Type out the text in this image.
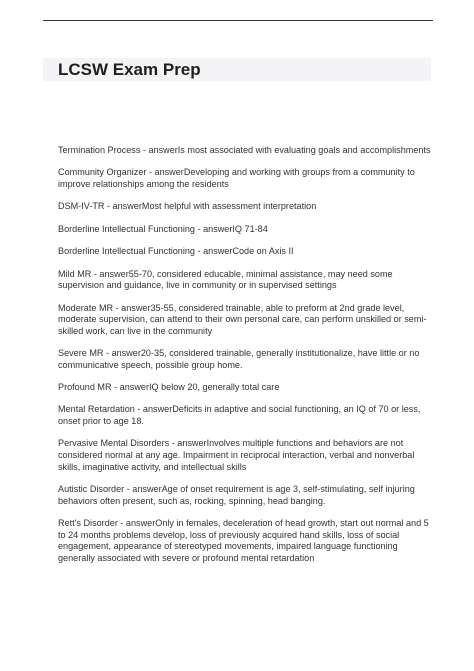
LCSW Exam Prep
Termination Process - answerIs most associated with evaluating goals and accomplishments
Community Organizer - answerDeveloping and working with groups from a community to improve relationships among the residents
DSM-IV-TR - answerMost helpful with assessment interpretation
Borderline Intellectual Functioning - answerIQ 71-84
Borderline Intellectual Functioning - answerCode on Axis II
Mild MR - answer55-70, considered educable, minimal assistance, may need some supervision and guidance, live in community or in supervised settings
Moderate MR - answer35-55, considered trainable, able to preform at 2nd grade level, moderate supervision, can attend to their own personal care, can perform unskilled or semi-skilled work, can live in the community
Severe MR - answer20-35, considered trainable, generally institutionalize, have little or no communicative speech, possible group home.
Profound MR - answerIQ below 20, generally total care
Mental Retardation - answerDeficits in adaptive and social functioning, an IQ of 70 or less, onset prior to age 18.
Pervasive Mental Disorders - answerInvolves multiple functions and behaviors are not considered normal at any age. Impairment in reciprocal interaction, verbal and nonverbal skills, imaginative activity, and intellectual skills
Autistic Disorder - answerAge of onset requirement is age 3, self-stimulating, self injuring behaviors often present, such as, rocking, spinning, head banging.
Rett's Disorder - answerOnly in females, deceleration of head growth, start out normal and 5 to 24 months problems develop, loss of previously acquired hand skills, loss of social engagement, appearance of stereotyped movements, impaired language functioning generally associated with severe or profound mental retardation
